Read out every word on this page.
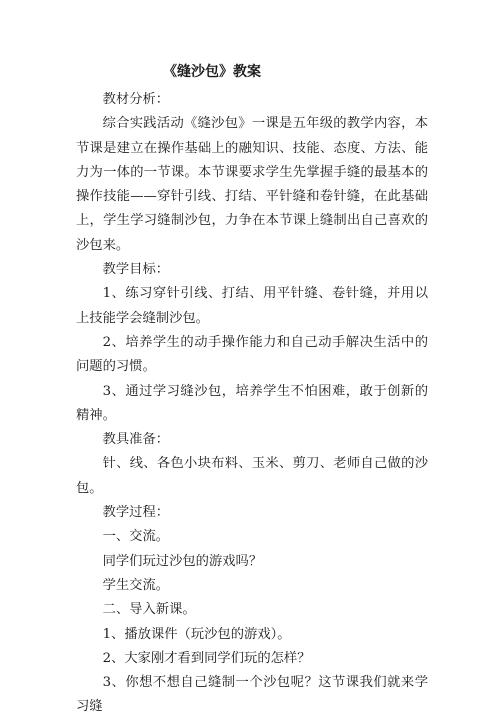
《缝沙包》教案

教材分析：

综合实践活动《缝沙包》一课是五年级的教学内容，本节课是建立在操作基础上的融知识、技能、态度、方法、能力为一体的一节课。本节课要求学生先掌握手缝的最基本的操作技能——穿针引线、打结、平针缝和卷针缝，在此基础上，学生学习缝制沙包，力争在本节课上缝制出自己喜欢的沙包来。

教学目标：

1、练习穿针引线、打结、用平针缝、卷针缝，并用以上技能学会缝制沙包。

2、培养学生的动手操作能力和自己动手解决生活中的问题的习惯。

3、通过学习缝沙包，培养学生不怕困难，敢于创新的精神。

教具准备：

针、线、各色小块布料、玉米、剪刀、老师自己做的沙包。

教学过程：

一、交流。

同学们玩过沙包的游戏吗？

学生交流。

二、导入新课。

1、播放课件（玩沙包的游戏）。

2、大家刚才看到同学们玩的怎样？

3、你想不想自己缝制一个沙包呢？这节课我们就来学习缝
